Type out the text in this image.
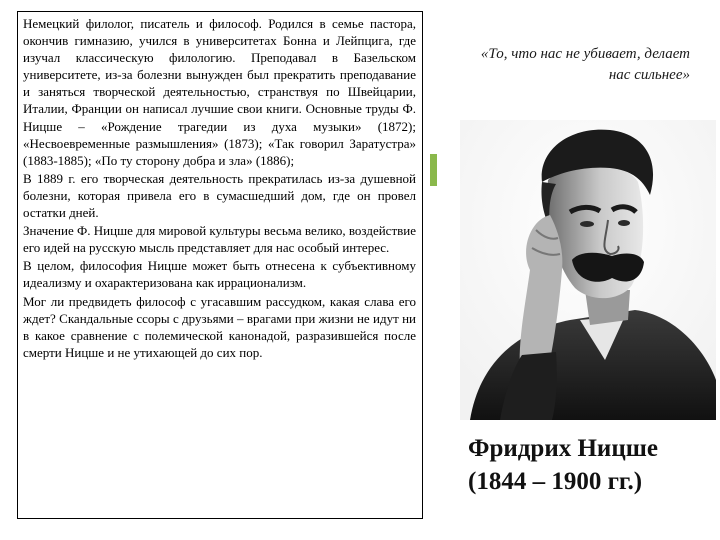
Немецкий филолог, писатель и философ. Родился в семье пастора, окончив гимназию, учился в университетах Бонна и Лейпцига, где изучал классическую филологию. Преподавал в Базельском университете, из-за болезни вынужден был прекратить преподавание и заняться творческой деятельностью, странствуя по Швейцарии, Италии, Франции он написал лучшие свои книги. Основные труды Ф. Ницше – «Рождение трагедии из духа музыки» (1872); «Несвоевременные размышления» (1873); «Так говорил Заратустра» (1883-1885); «По ту сторону добра и зла» (1886);

В 1889 г. его творческая деятельность прекратилась из-за душевной болезни, которая привела его в сумасшедший дом, где он провел остатки дней.

Значение Ф. Ницше для мировой культуры весьма велико, воздействие его идей на русскую мысль представляет для нас особый интерес.

В целом, философия Ницше может быть отнесена к субъективному идеализму и охарактеризована как иррационализм.

Мог ли предвидеть философ с угасавшим рассудком, какая слава его ждет? Скандальные ссоры с друзьями – врагами при жизни не идут ни в какое сравнение с полемической канонадой, разразившейся после смерти Ницше и не утихающей до сих пор.

«То, что нас не убивает, делает нас сильнее»
Фридрих Ницше
(1844 – 1900 гг.)
